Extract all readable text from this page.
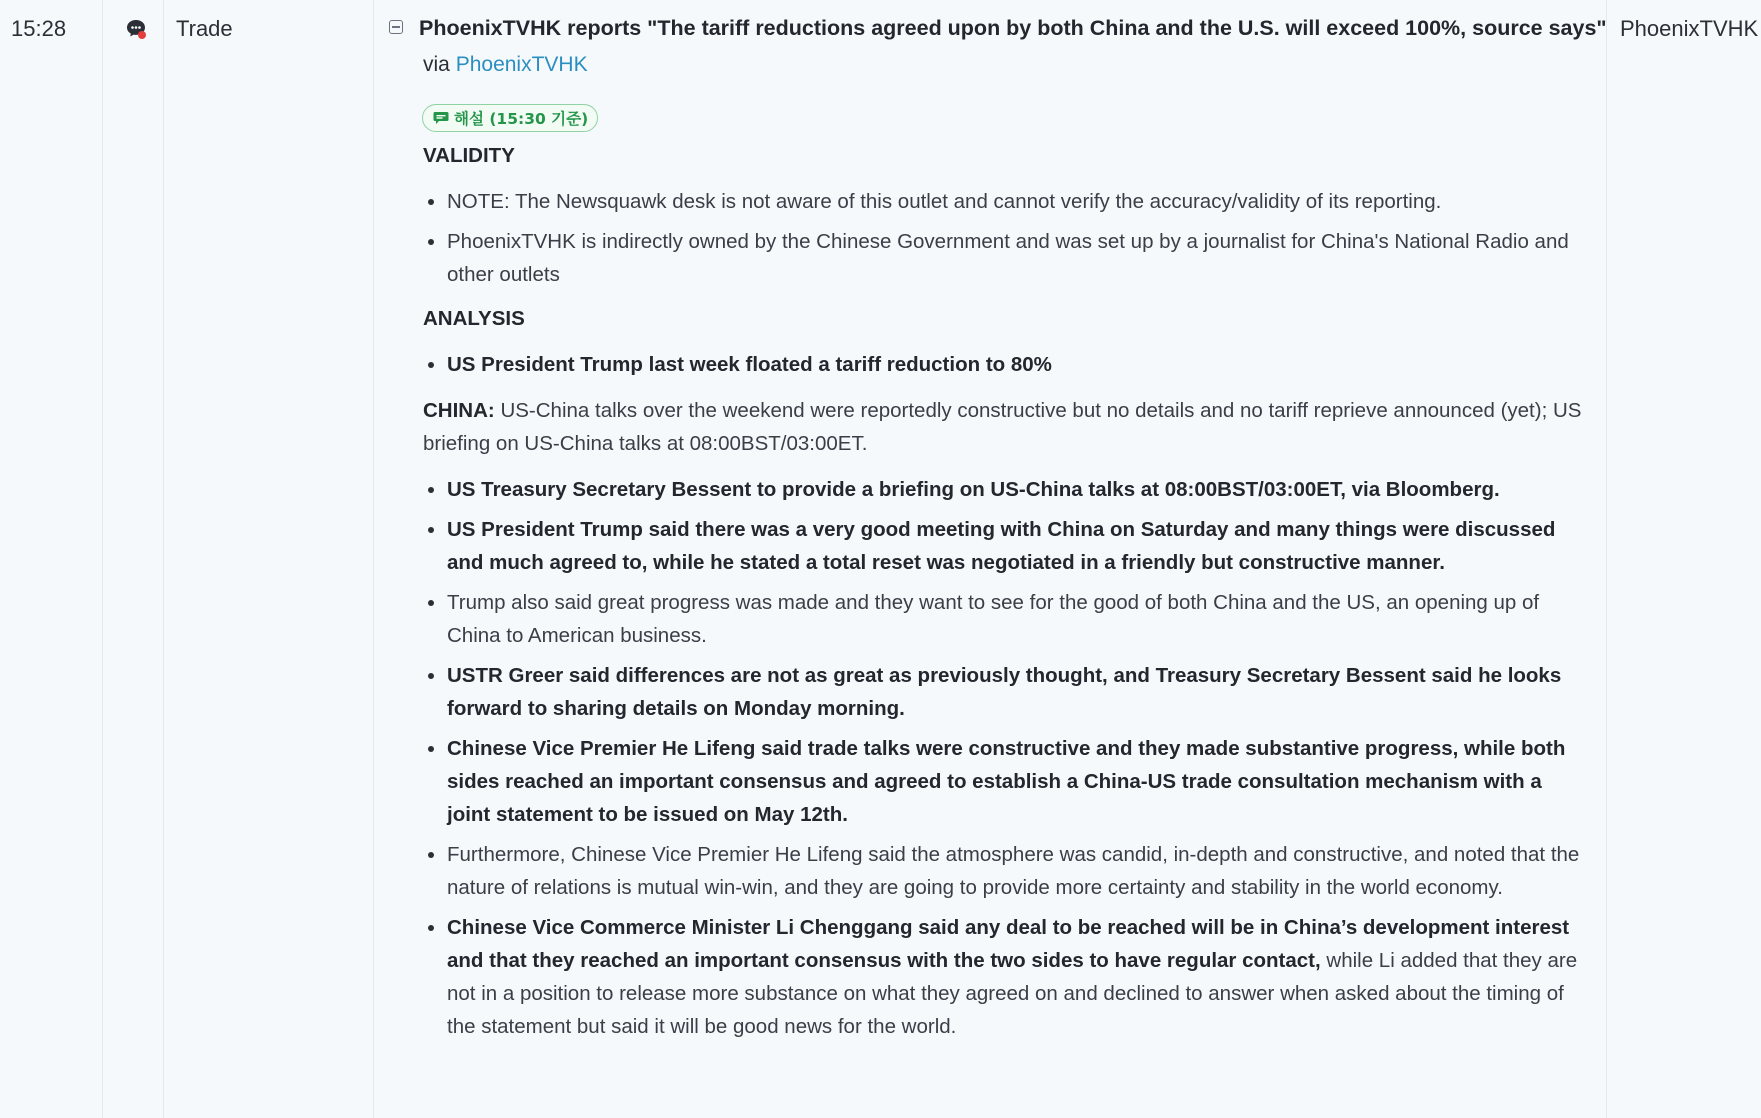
15:28	Trade	PhoenixTVHK reports "The tariff reductions agreed upon by both China and the U.S. will exceed 100%, source says"
via PhoenixTVHK
해설 (15:30 기준)
VALIDITY
• NOTE: The Newsquawk desk is not aware of this outlet and cannot verify the accuracy/validity of its reporting.
• PhoenixTVHK is indirectly owned by the Chinese Government and was set up by a journalist for China's National Radio and other outlets
ANALYSIS
• US President Trump last week floated a tariff reduction to 80%

CHINA: US-China talks over the weekend were reportedly constructive but no details and no tariff reprieve announced (yet); US briefing on US-China talks at 08:00BST/03:00ET.

• US Treasury Secretary Bessent to provide a briefing on US-China talks at 08:00BST/03:00ET, via Bloomberg.
• US President Trump said there was a very good meeting with China on Saturday and many things were discussed and much agreed to, while he stated a total reset was negotiated in a friendly but constructive manner.
• Trump also said great progress was made and they want to see for the good of both China and the US, an opening up of China to American business.
• USTR Greer said differences are not as great as previously thought, and Treasury Secretary Bessent said he looks forward to sharing details on Monday morning.
• Chinese Vice Premier He Lifeng said trade talks were constructive and they made substantive progress, while both sides reached an important consensus and agreed to establish a China-US trade consultation mechanism with a joint statement to be issued on May 12th.
• Furthermore, Chinese Vice Premier He Lifeng said the atmosphere was candid, in-depth and constructive, and noted that the nature of relations is mutual win-win, and they are going to provide more certainty and stability in the world economy.
• Chinese Vice Commerce Minister Li Chenggang said any deal to be reached will be in China’s development interest and that they reached an important consensus with the two sides to have regular contact, while Li added that they are not in a position to release more substance on what they agreed on and declined to answer when asked about the timing of the statement but said it will be good news for the world.
PhoenixTVHK
